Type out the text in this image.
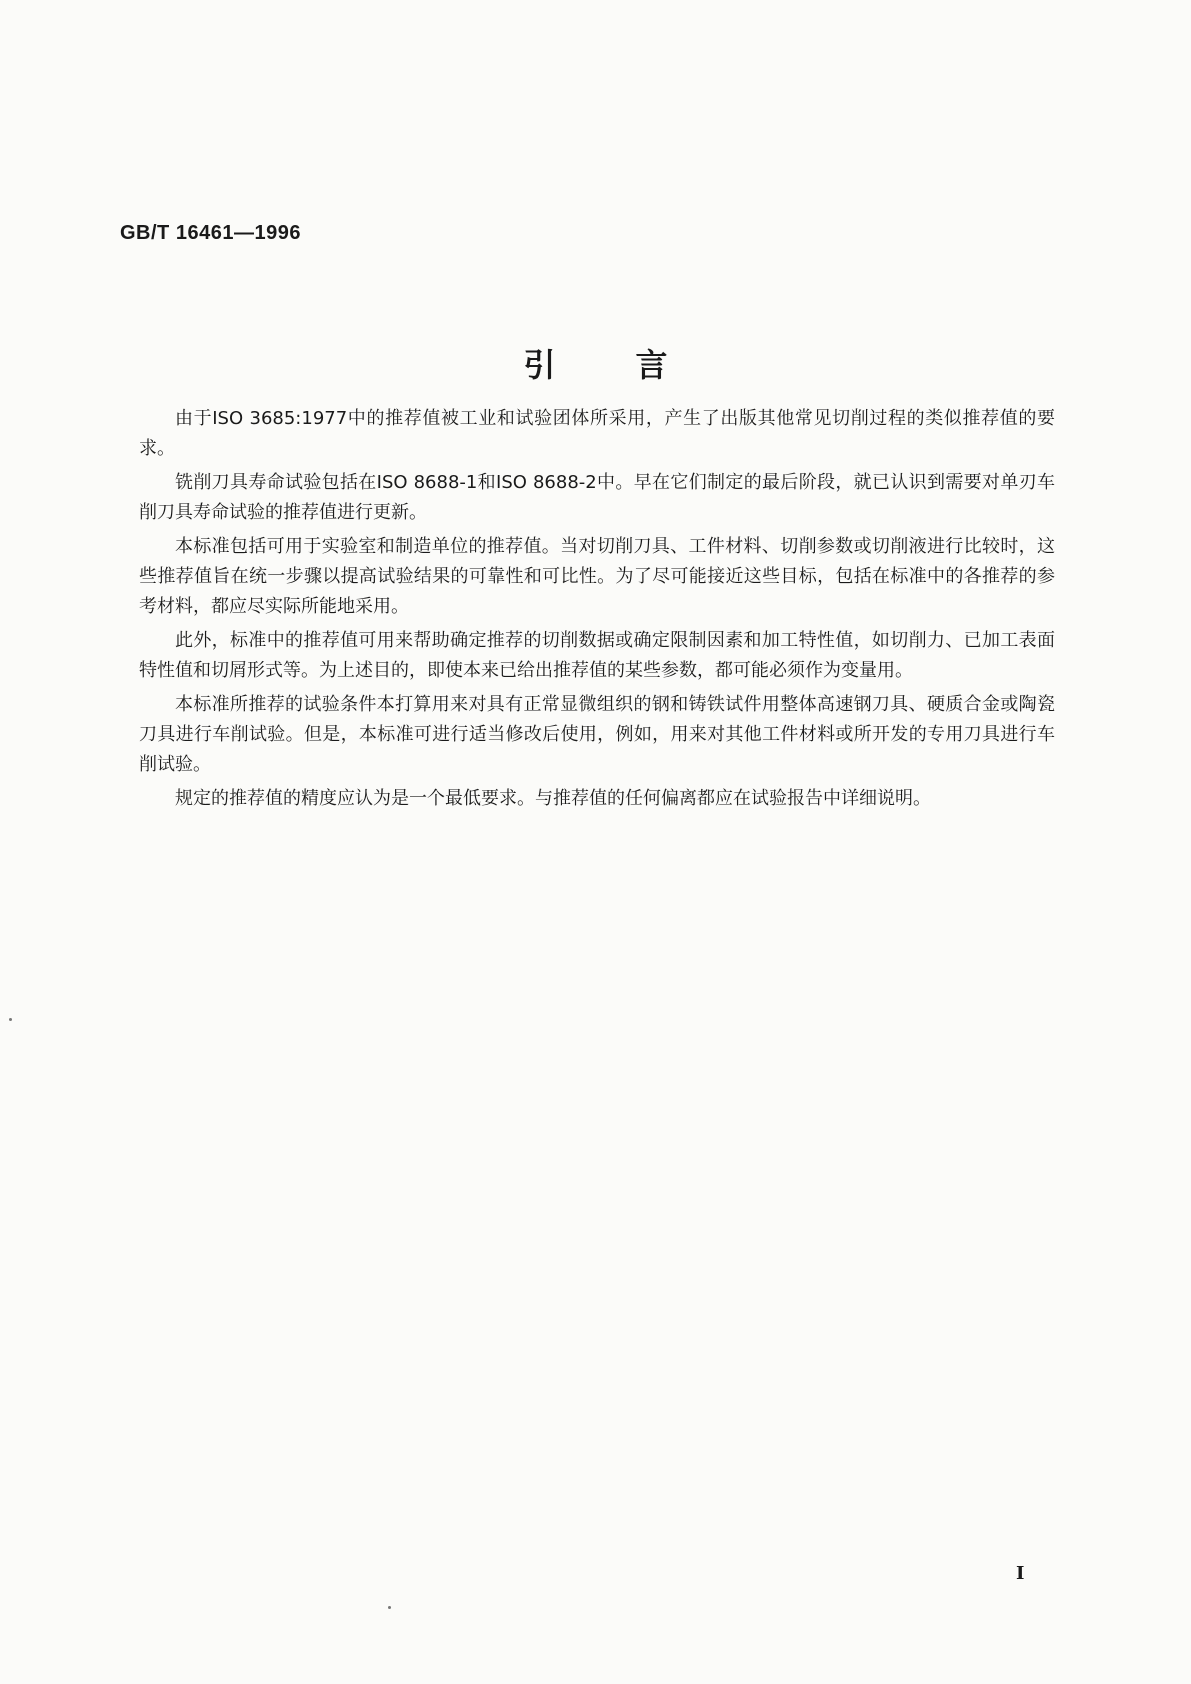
GB/T 16461—1996
引言

由于ISO 3685:1977中的推荐值被工业和试验团体所采用，产生了出版其他常见切削过程的类似推荐值的要求。

铣削刀具寿命试验包括在ISO 8688-1和ISO 8688-2中。早在它们制定的最后阶段，就已认识到需要对单刃车削刀具寿命试验的推荐值进行更新。

本标准包括可用于实验室和制造单位的推荐值。当对切削刀具、工件材料、切削参数或切削液进行比较时，这些推荐值旨在统一步骤以提高试验结果的可靠性和可比性。为了尽可能接近这些目标，包括在标准中的各推荐的参考材料，都应尽实际所能地采用。

此外，标准中的推荐值可用来帮助确定推荐的切削数据或确定限制因素和加工特性值，如切削力、已加工表面特性值和切屑形式等。为上述目的，即使本来已给出推荐值的某些参数，都可能必须作为变量用。

本标准所推荐的试验条件本打算用来对具有正常显微组织的钢和铸铁试件用整体高速钢刀具、硬质合金或陶瓷刀具进行车削试验。但是，本标准可进行适当修改后使用，例如，用来对其他工件材料或所开发的专用刀具进行车削试验。

规定的推荐值的精度应认为是一个最低要求。与推荐值的任何偏离都应在试验报告中详细说明。

I
